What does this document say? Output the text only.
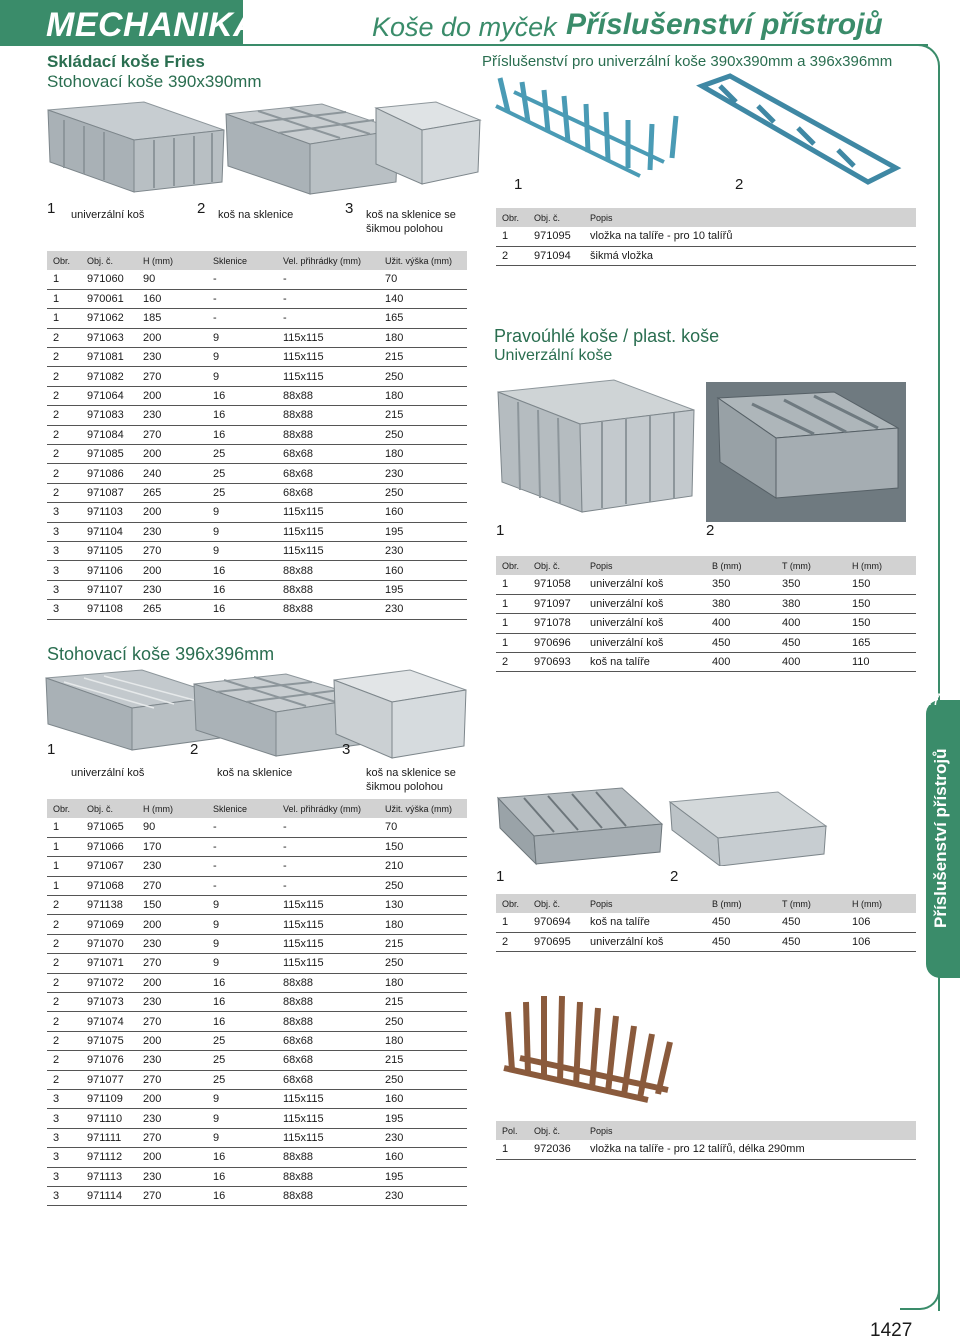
MECHANIKA	Koše do myček Příslušenství přístrojů
27
Příslušenství přístrojů
Skládací koše Fries
Stohovací koše 390x390mm
1 univerzální koš	2 koš na sklenice	3 koš na sklenice se šikmou polohou
Obr.	Obj. č.	H (mm)	Sklenice	Vel. přihrádky (mm)	Užit. výška (mm)
1	971060	90	-	-	70
1	970061	160	-	-	140
1	971062	185	-	-	165
2	971063	200	9	115x115	180
2	971081	230	9	115x115	215
2	971082	270	9	115x115	250
2	971064	200	16	88x88	180
2	971083	230	16	88x88	215
2	971084	270	16	88x88	250
2	971085	200	25	68x68	180
2	971086	240	25	68x68	230
2	971087	265	25	68x68	250
3	971103	200	9	115x115	160
3	971104	230	9	115x115	195
3	971105	270	9	115x115	230
3	971106	200	16	88x88	160
3	971107	230	16	88x88	195
3	971108	265	16	88x88	230
Stohovací koše 396x396mm
1
univerzální koš
2
koš na sklenice
3
koš na sklenice se šikmou polohou
Obr.	Obj. č.	H (mm)	Sklenice	Vel. přihrádky (mm)	Užit. výška (mm)
1	971065	90	-	-	70
1	971066	170	-	-	150
1	971067	230	-	-	210
1	971068	270	-	-	250
2	971138	150	9	115x115	130
2	971069	200	9	115x115	180
2	971070	230	9	115x115	215
2	971071	270	9	115x115	250
2	971072	200	16	88x88	180
2	971073	230	16	88x88	215
2	971074	270	16	88x88	250
2	971075	200	25	68x68	180
2	971076	230	25	68x68	215
2	971077	270	25	68x68	250
3	971109	200	9	115x115	160
3	971110	230	9	115x115	195
3	971111	270	9	115x115	230
3	971112	200	16	88x88	160
3	971113	230	16	88x88	195
3	971114	270	16	88x88	230
Příslušenství pro univerzální koše 390x390mm a 396x396mm
1	2
Obr.	Obj. č.	Popis
1	971095	vložka na talíře - pro 10 talířů
2	971094	šikmá vložka
Pravoúhlé koše / plast. koše
Univerzální koše
1	2
Obr.	Obj. č.	Popis	B (mm)	T (mm)	H (mm)
1	971058	univerzální koš	350	350	150
1	971097	univerzální koš	380	380	150
1	971078	univerzální koš	400	400	150
1	970696	univerzální koš	450	450	165
2	970693	koš na talíře	400	400	110
1	2
Obr.	Obj. č.	Popis	B (mm)	T (mm)	H (mm)
1	970694	koš na talíře	450	450	106
2	970695	univerzální koš	450	450	106
Pol.	Obj. č.	Popis
1	972036	vložka na talíře - pro 12 talířů, délka 290mm
1427
